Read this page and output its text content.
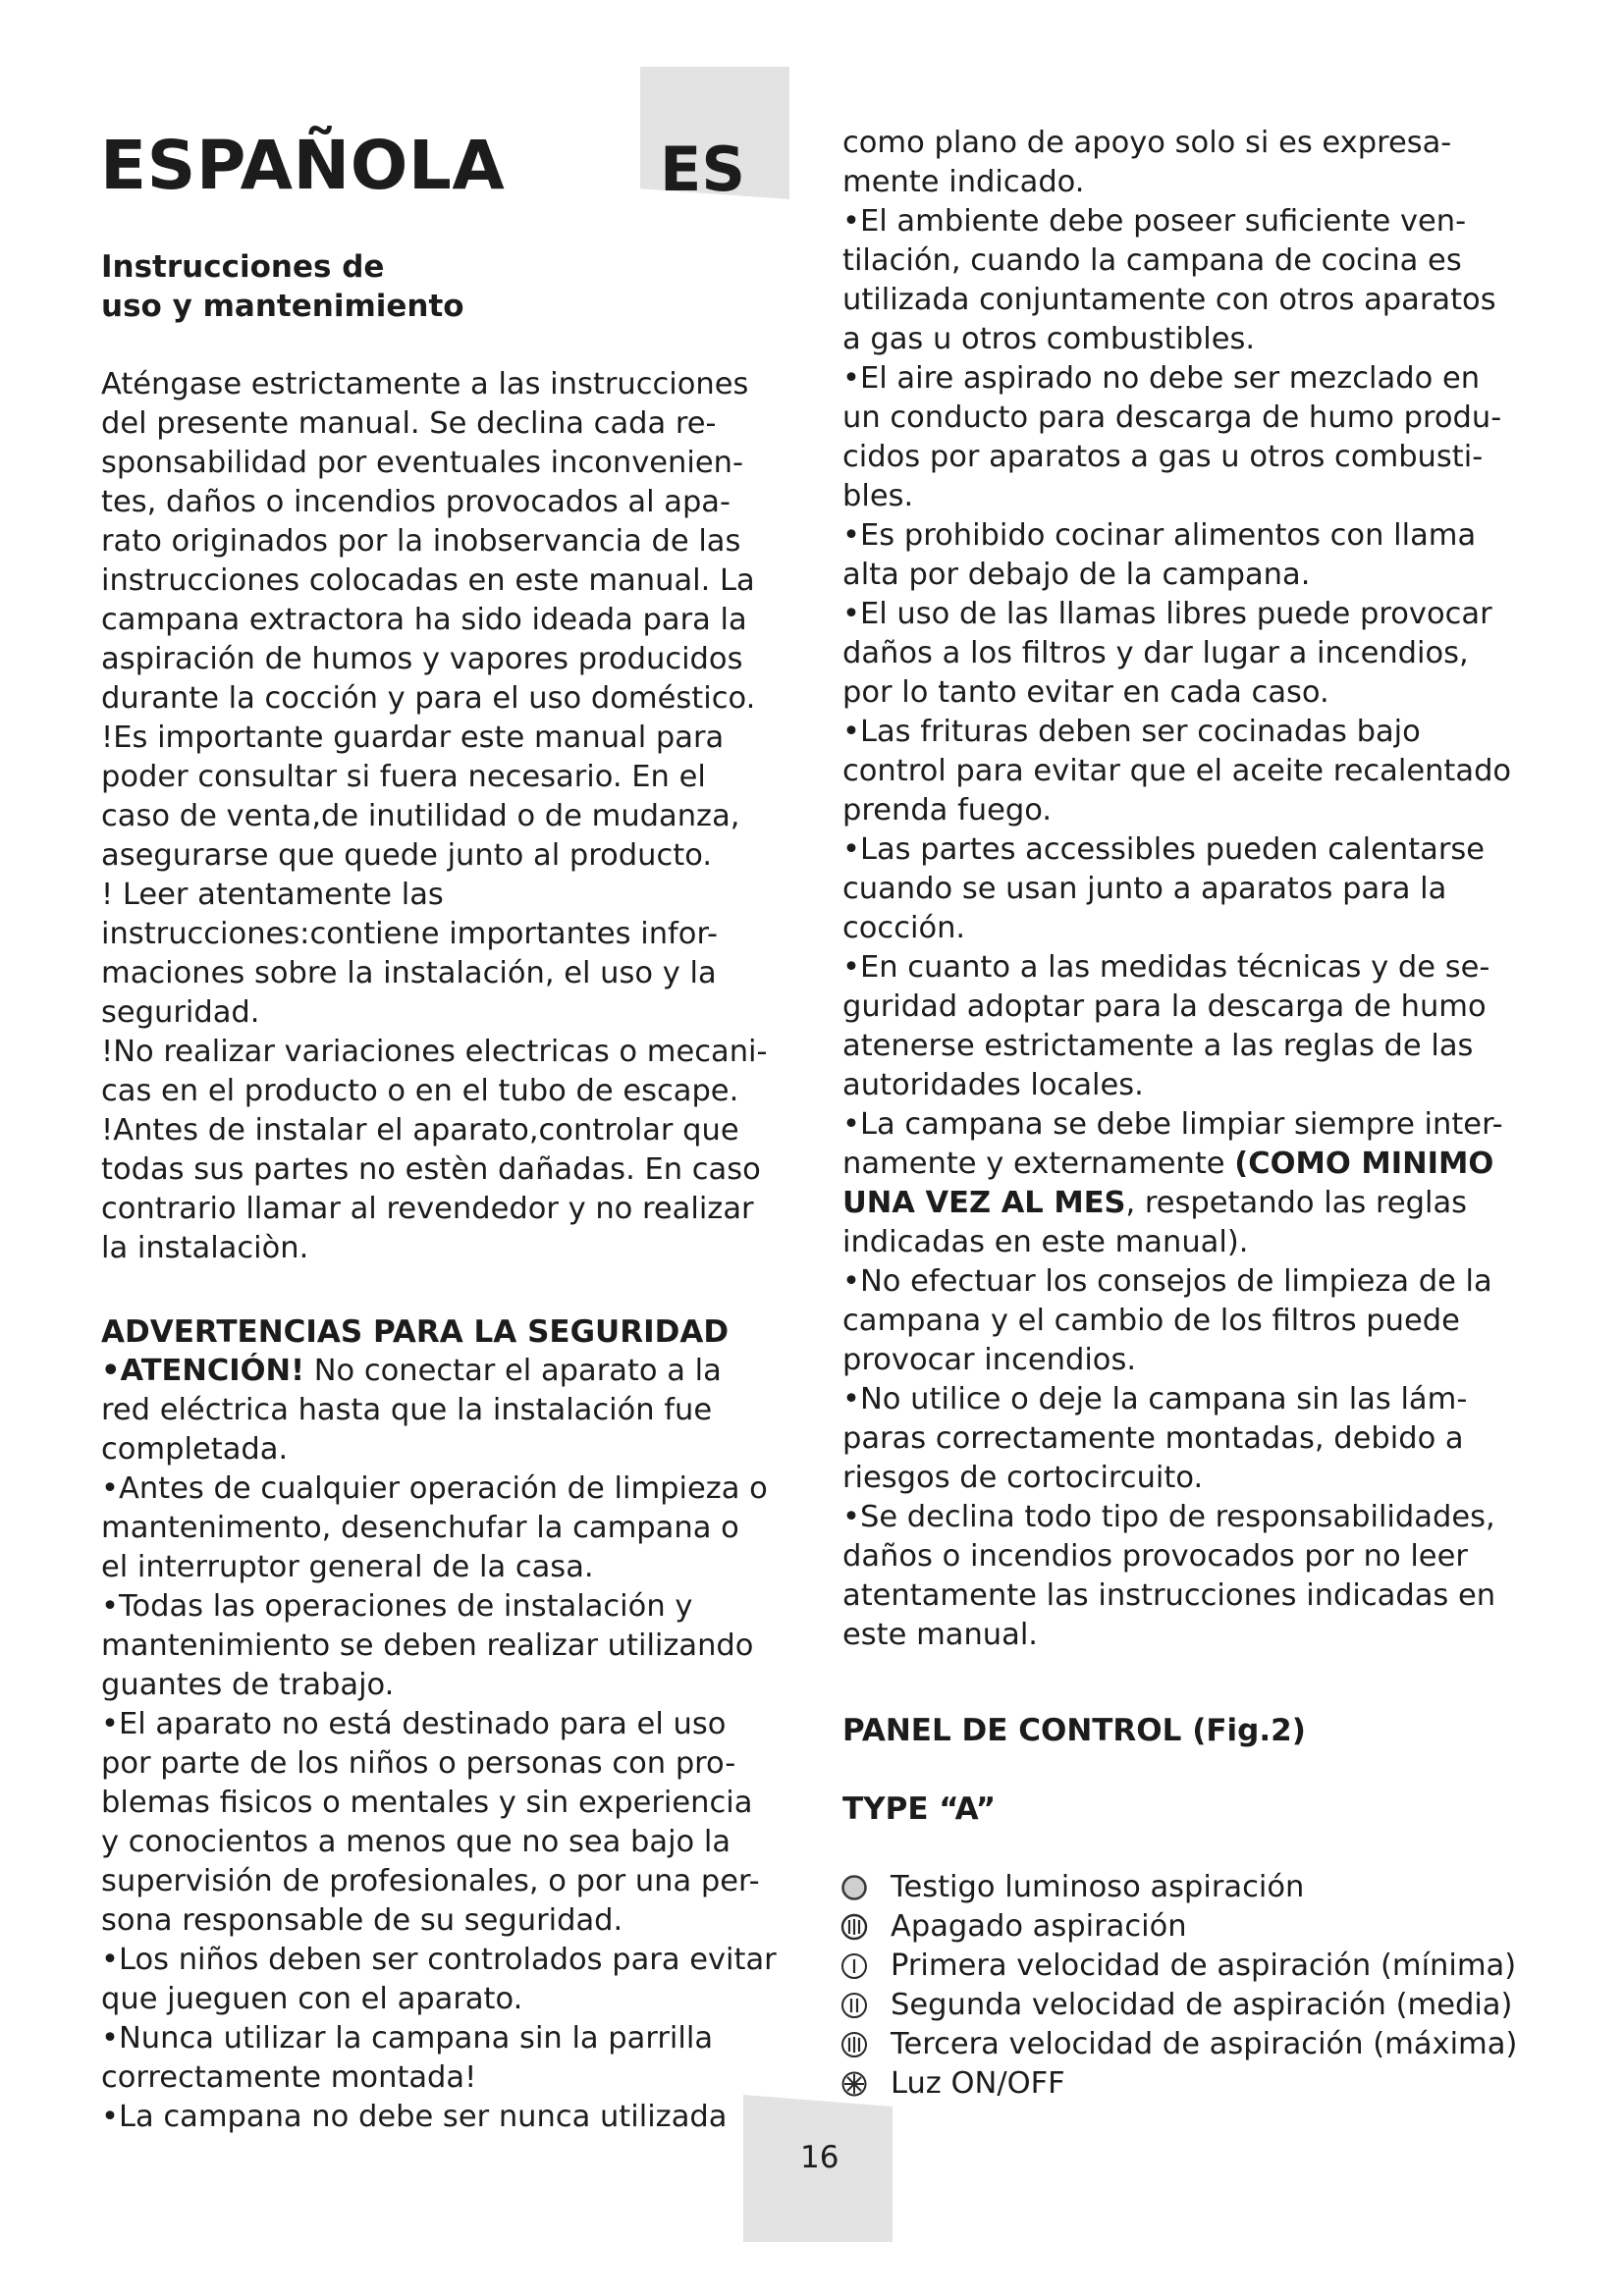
ESPAÑOLA	ES
Instrucciones de
uso y mantenimiento
Aténgase estrictamente a las instrucciones
del presente manual. Se declina cada re-
sponsabilidad por eventuales inconvenien-
tes, daños o incendios provocados al apa-
rato originados por la inobservancia de las
instrucciones colocadas en este manual. La
campana extractora ha sido ideada para la
aspiración de humos y vapores producidos
durante la cocción y para el uso doméstico.
!Es importante guardar este manual para
poder consultar si fuera necesario. En el
caso de venta,de inutilidad o de mudanza,
asegurarse que quede junto al producto.
! Leer atentamente las
instrucciones:contiene importantes infor-
maciones sobre la instalación, el uso y la
seguridad.
!No realizar variaciones electricas o mecani-
cas en el producto o en el tubo de escape.
!Antes de instalar el aparato,controlar que
todas sus partes no estèn dañadas. En caso
contrario llamar al revendedor y no realizar
la instalaciòn.
ADVERTENCIAS PARA LA SEGURIDAD
•ATENCIÓN! No conectar el aparato a la
red eléctrica hasta que la instalación fue
completada.
•Antes de cualquier operación de limpieza o
mantenimento, desenchufar la campana o
el interruptor general de la casa.
•Todas las operaciones de instalación y
mantenimiento se deben realizar utilizando
guantes de trabajo.
•El aparato no está destinado para el uso
por parte de los niños o personas con pro-
blemas fisicos o mentales y sin experiencia
y conocientos a menos que no sea bajo la
supervisión de profesionales, o por una per-
sona responsable de su seguridad.
•Los niños deben ser controlados para evitar
que jueguen con el aparato.
•Nunca utilizar la campana sin la parrilla
correctamente montada!
•La campana no debe ser nunca utilizada
como plano de apoyo solo si es expresa-
mente indicado.
•El ambiente debe poseer suficiente ven-
tilación, cuando la campana de cocina es
utilizada conjuntamente con otros aparatos
a gas u otros combustibles.
•El aire aspirado no debe ser mezclado en
un conducto para descarga de humo produ-
cidos por aparatos a gas u otros combusti-
bles.
•Es prohibido cocinar alimentos con llama
alta por debajo de la campana.
•El uso de las llamas libres puede provocar
daños a los filtros y dar lugar a incendios,
por lo tanto evitar en cada caso.
•Las frituras deben ser cocinadas bajo
control para evitar que el aceite recalentado
prenda fuego.
•Las partes accessibles pueden calentarse
cuando se usan junto a aparatos para la
cocción.
•En cuanto a las medidas técnicas y de se-
guridad adoptar para la descarga de humo
atenerse estrictamente a las reglas de las
autoridades locales.
•La campana se debe limpiar siempre inter-
namente y externamente (COMO MINIMO
UNA VEZ AL MES, respetando las reglas
indicadas en este manual).
•No efectuar los consejos de limpieza de la
campana y el cambio de los filtros puede
provocar incendios.
•No utilice o deje la campana sin las lám-
paras correctamente montadas, debido a
riesgos de cortocircuito.
•Se declina todo tipo de responsabilidades,
daños o incendios provocados por no leer
atentamente las instrucciones indicadas en
este manual.
PANEL DE CONTROL (Fig.2)
TYPE “A”
Testigo luminoso aspiración
Apagado aspiración
Primera velocidad de aspiración (mínima)
Segunda velocidad de aspiración (media)
Tercera velocidad de aspiración (máxima)
Luz ON/OFF
16
